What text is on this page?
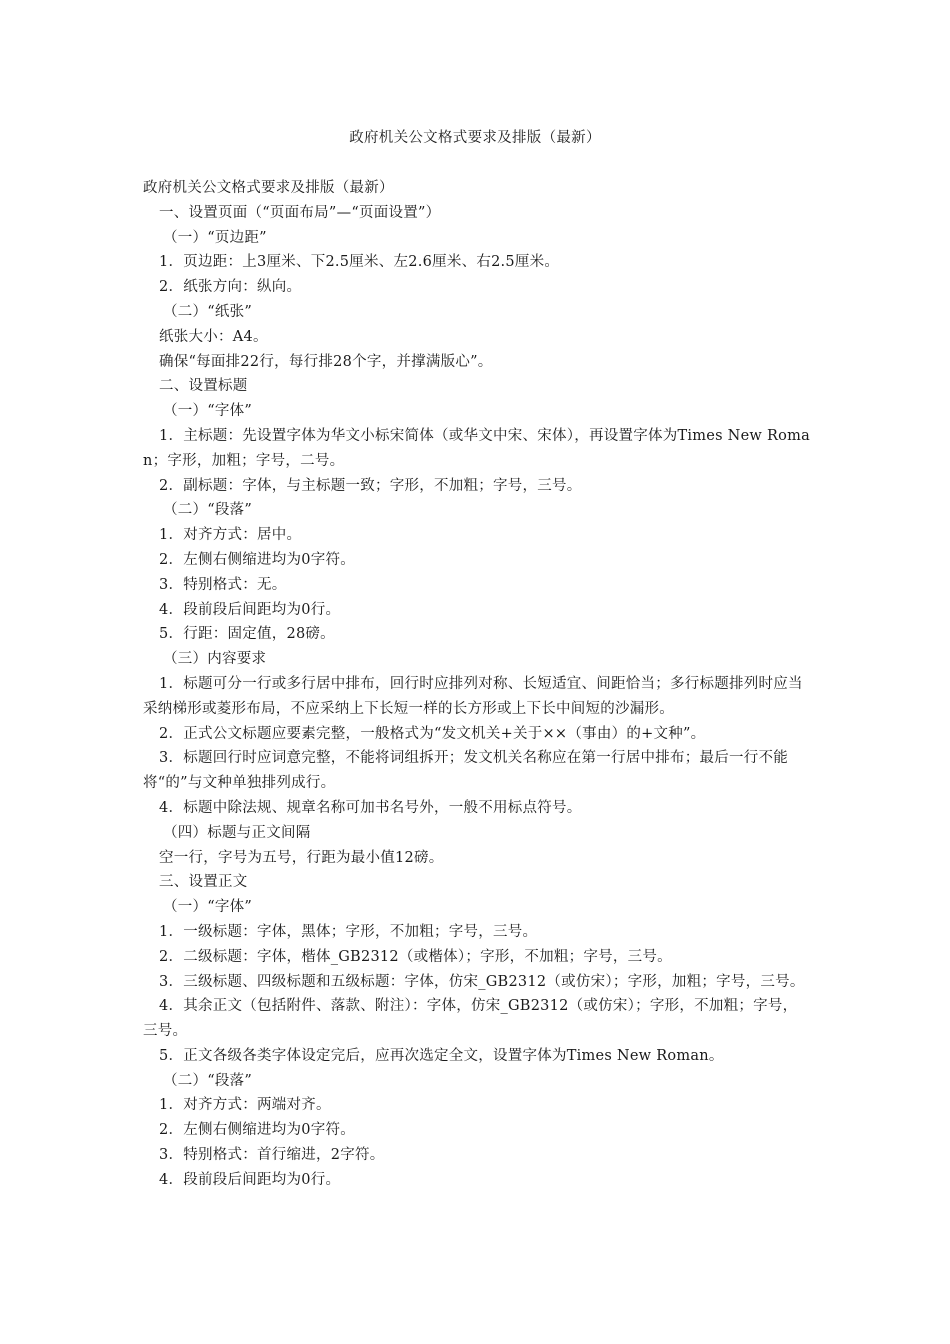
政府机关公文格式要求及排版（最新）

政府机关公文格式要求及排版（最新）

一、设置页面（“页面布局”—“页面设置”）

（一）“页边距”

1．页边距：上3厘米、下2.5厘米、左2.6厘米、右2.5厘米。

2．纸张方向：纵向。

（二）“纸张”

纸张大小：A4。

确保“每面排22行，每行排28个字，并撑满版心”。

二、设置标题

（一）“字体”

1．主标题：先设置字体为华文小标宋简体（或华文中宋、宋体），再设置字体为Times New Roman；字形，加粗；字号，二号。

2．副标题：字体，与主标题一致；字形，不加粗；字号，三号。

（二）“段落”

1．对齐方式：居中。

2．左侧右侧缩进均为0字符。

3．特别格式：无。

4．段前段后间距均为0行。

5．行距：固定值，28磅。

（三）内容要求

1．标题可分一行或多行居中排布，回行时应排列对称、长短适宜、间距恰当；多行标题排列时应当采纳梯形或菱形布局，不应采纳上下长短一样的长方形或上下长中间短的沙漏形。

2．正式公文标题应要素完整，一般格式为“发文机关+关于××（事由）的+文种”。

3．标题回行时应词意完整，不能将词组拆开；发文机关名称应在第一行居中排布；最后一行不能将“的”与文种单独排列成行。

4．标题中除法规、规章名称可加书名号外，一般不用标点符号。

（四）标题与正文间隔

空一行，字号为五号，行距为最小值12磅。

三、设置正文

（一）“字体”

1．一级标题：字体，黑体；字形，不加粗；字号，三号。

2．二级标题：字体，楷体_GB2312（或楷体）；字形，不加粗；字号，三号。

3．三级标题、四级标题和五级标题：字体，仿宋_GB2312（或仿宋）；字形，加粗；字号，三号。

4．其余正文（包括附件、落款、附注）：字体，仿宋_GB2312（或仿宋）；字形，不加粗；字号，三号。

5．正文各级各类字体设定完后，应再次选定全文，设置字体为Times New Roman。

（二）“段落”

1．对齐方式：两端对齐。

2．左侧右侧缩进均为0字符。

3．特别格式：首行缩进，2字符。

4．段前段后间距均为0行。
